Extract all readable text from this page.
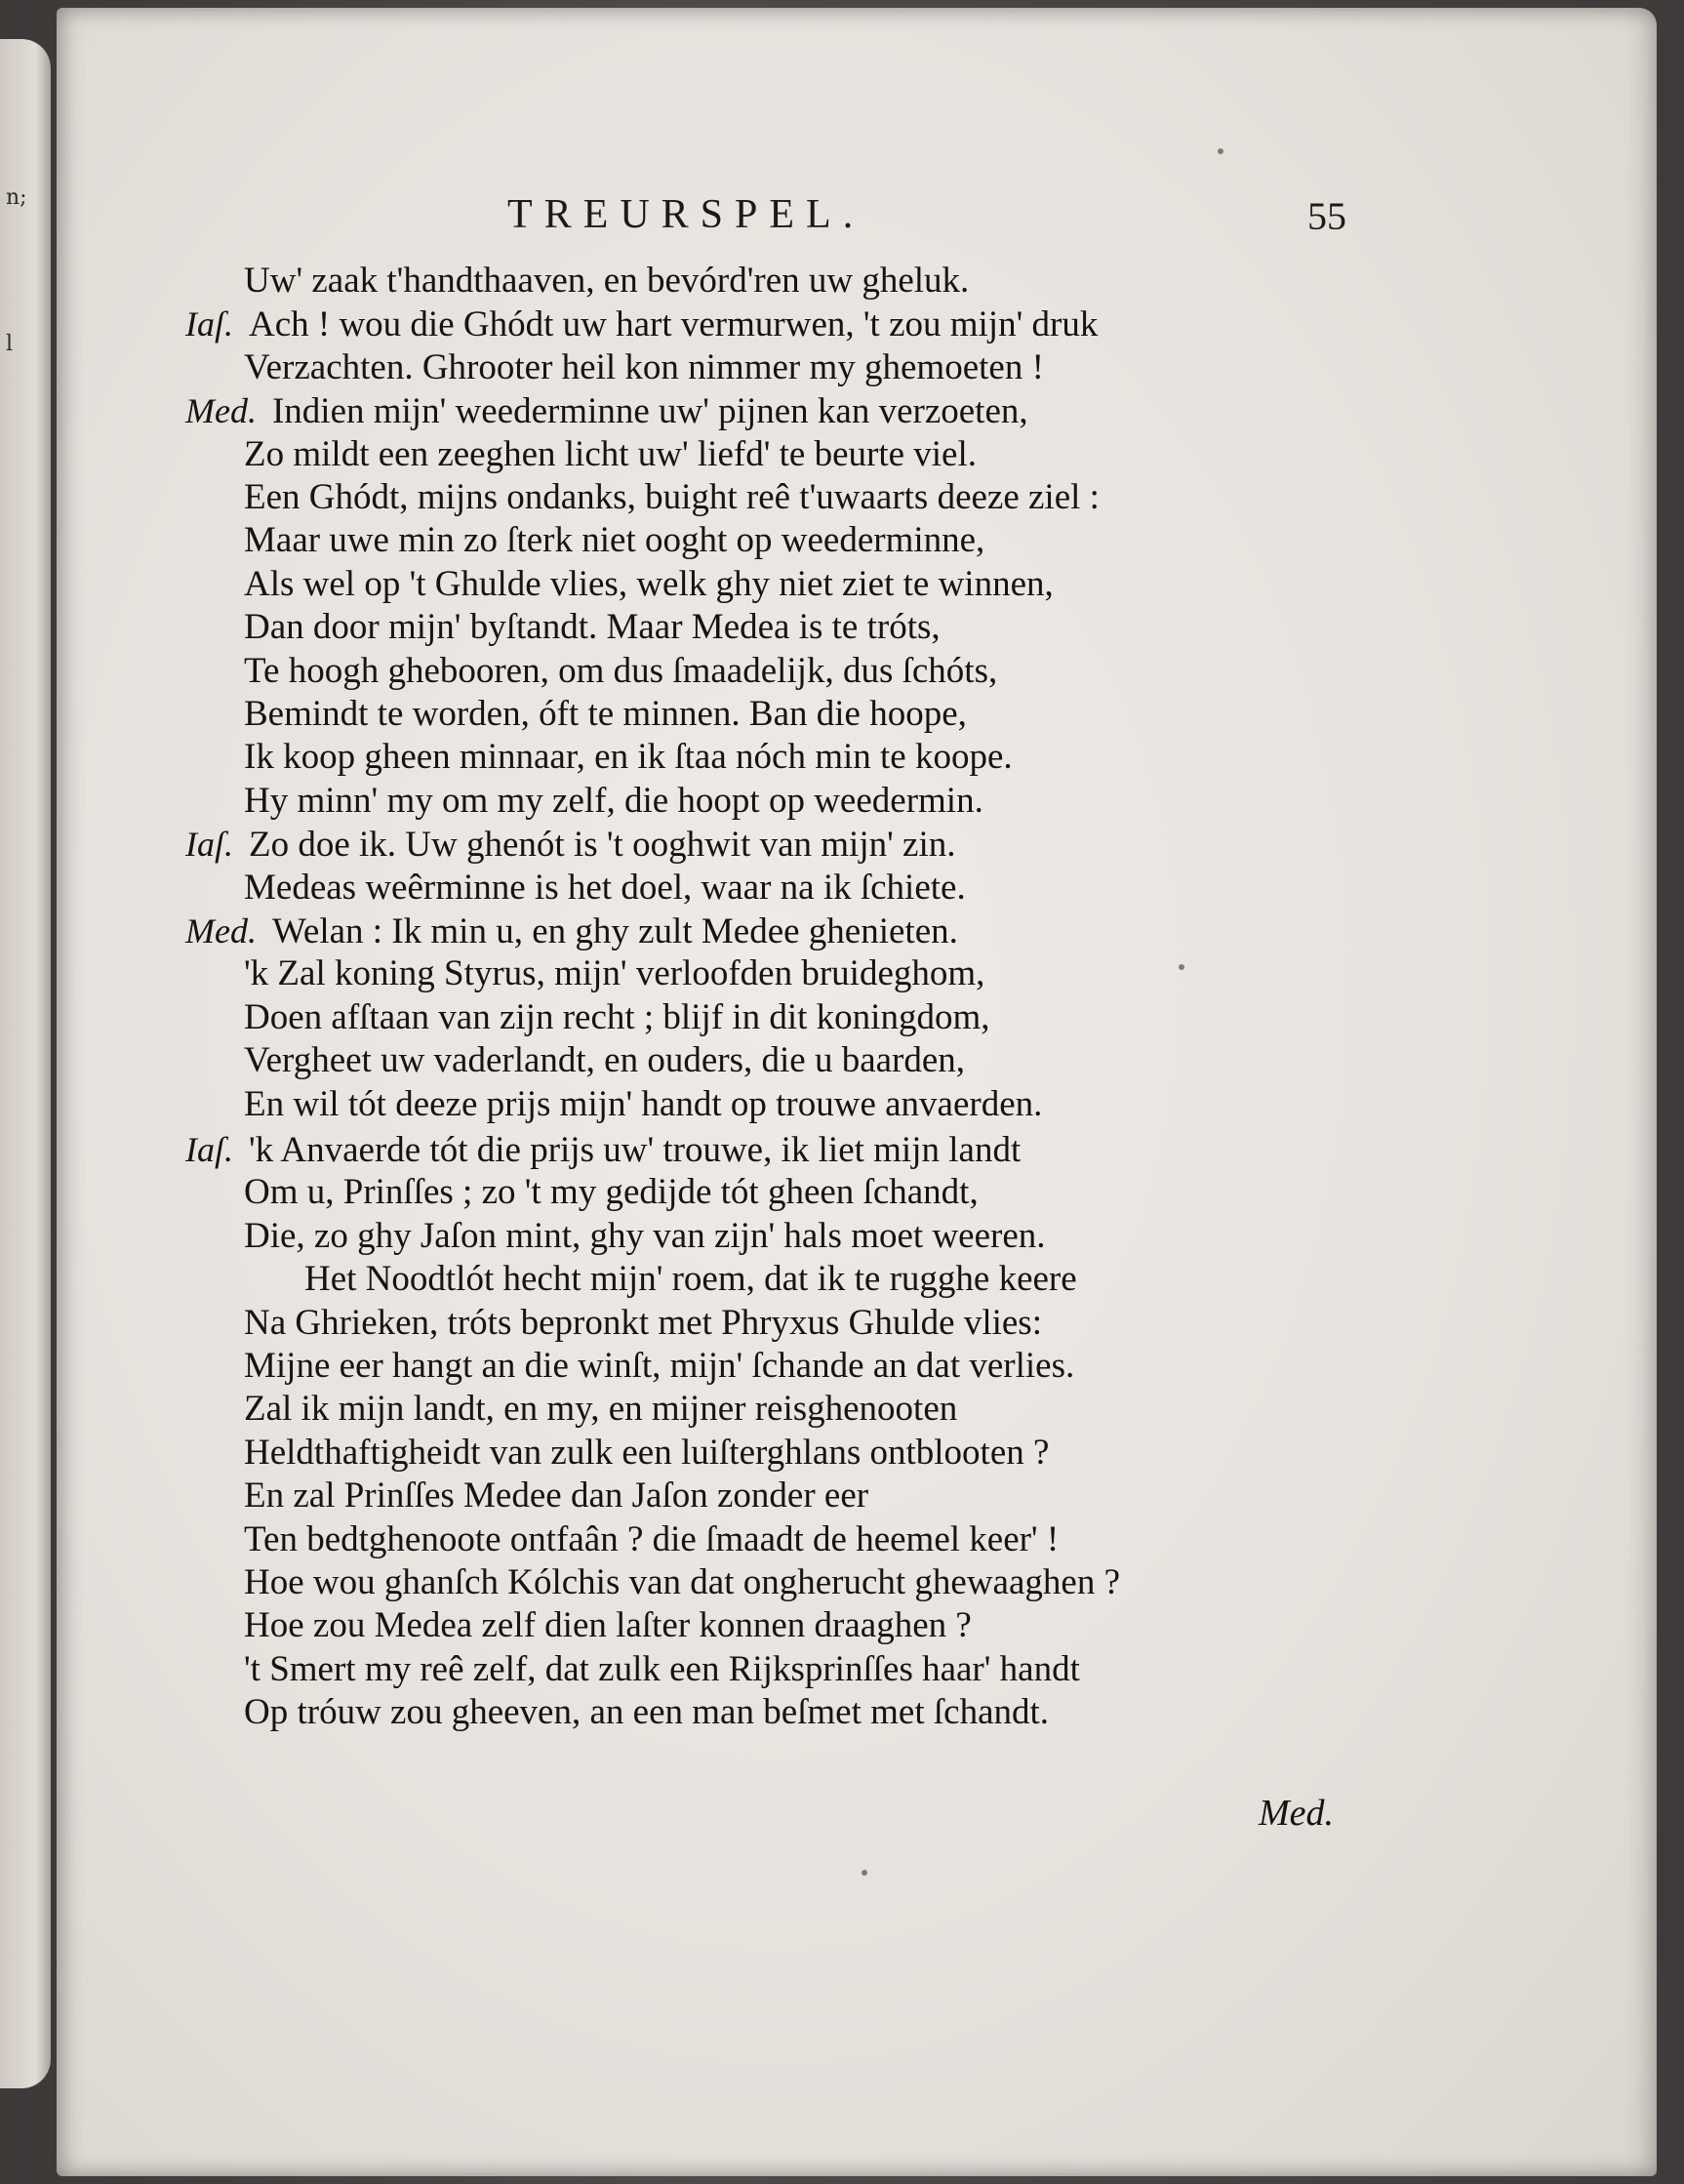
n;
l
TREURSPEL.	55
Uw' zaak t'handthaaven, en bevórd'ren uw gheluk.
Iaſ. Ach ! wou die Ghódt uw hart vermurwen, 't zou mijn' druk
Verzachten. Ghrooter heil kon nimmer my ghemoeten !
Med. Indien mijn' weederminne uw' pijnen kan verzoeten,
Zo mildt een zeeghen licht uw' liefd' te beurte viel.
Een Ghódt, mijns ondanks, buight reê t'uwaarts deeze ziel :
Maar uwe min zo ſterk niet ooght op weederminne,
Als wel op 't Ghulde vlies, welk ghy niet ziet te winnen,
Dan door mijn' byſtandt. Maar Medea is te tróts,
Te hoogh ghebooren, om dus ſmaadelijk, dus ſchóts,
Bemindt te worden, óft te minnen. Ban die hoope,
Ik koop gheen minnaar, en ik ſtaa nóch min te koope.
Hy minn' my om my zelf, die hoopt op weedermin.
Iaſ. Zo doe ik. Uw ghenót is 't ooghwit van mijn' zin.
Medeas weêrminne is het doel, waar na ik ſchiete.
Med. Welan : Ik min u, en ghy zult Medee ghenieten.
'k Zal koning Styrus, mijn' verloofden bruideghom,
Doen afſtaan van zijn recht ; blijf in dit koningdom,
Vergheet uw vaderlandt, en ouders, die u baarden,
En wil tót deeze prijs mijn' handt op trouwe anvaerden.
Iaſ. 'k Anvaerde tót die prijs uw' trouwe, ik liet mijn landt
Om u, Prinſſes ; zo 't my gedijde tót gheen ſchandt,
Die, zo ghy Jaſon mint, ghy van zijn' hals moet weeren.
Het Noodtlót hecht mijn' roem, dat ik te rugghe keere
Na Ghrieken, tróts bepronkt met Phryxus Ghulde vlies:
Mijne eer hangt an die winſt, mijn' ſchande an dat verlies.
Zal ik mijn landt, en my, en mijner reisghenooten
Heldthaftigheidt van zulk een luiſterghlans ontblooten ?
En zal Prinſſes Medee dan Jaſon zonder eer
Ten bedtghenoote ontfaân ? die ſmaadt de heemel keer' !
Hoe wou ghanſch Kólchis van dat ongherucht ghewaaghen ?
Hoe zou Medea zelf dien laſter konnen draaghen ?
't Smert my reê zelf, dat zulk een Rijksprinſſes haar' handt
Op tróuw zou gheeven, an een man beſmet met ſchandt.
Med.
